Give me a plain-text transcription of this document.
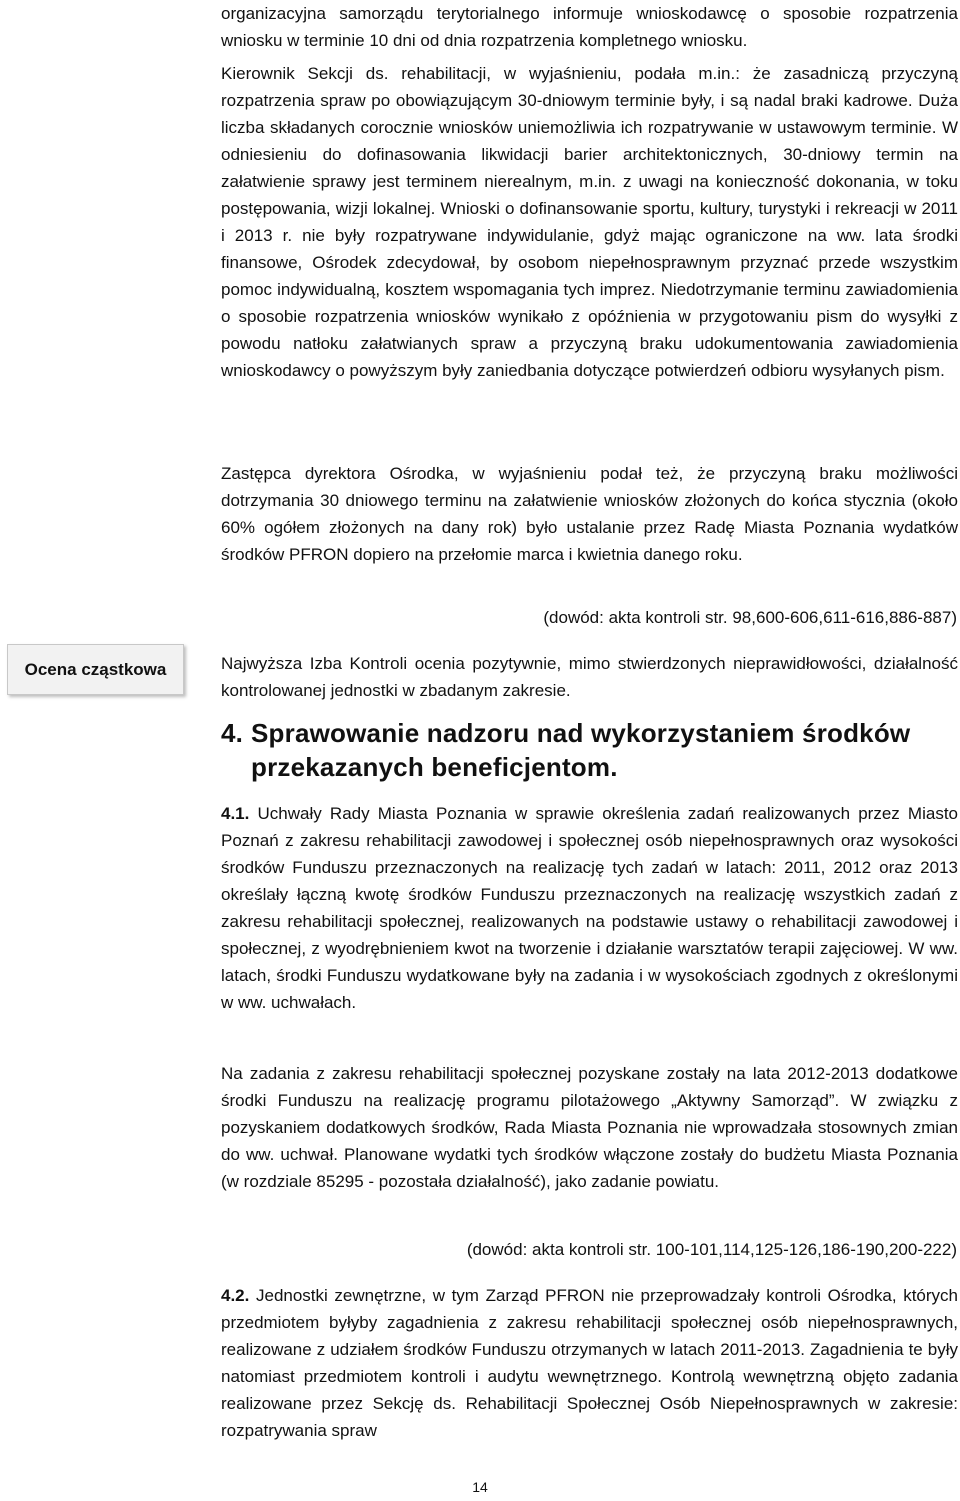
Ocena cząstkowa

organizacyjna samorządu terytorialnego informuje wnioskodawcę o sposobie rozpatrzenia wniosku w terminie 10 dni od dnia rozpatrzenia kompletnego wniosku.

Kierownik Sekcji ds. rehabilitacji, w wyjaśnieniu, podała m.in.: że zasadniczą przyczyną rozpatrzenia spraw po obowiązującym 30-dniowym terminie były, i są nadal braki kadrowe. Duża liczba składanych corocznie wniosków uniemożliwia ich rozpatrywanie w ustawowym terminie. W odniesieniu do dofinasowania likwidacji barier architektonicznych, 30-dniowy termin na załatwienie sprawy jest terminem nierealnym, m.in. z uwagi na konieczność dokonania, w toku postępowania, wizji lokalnej. Wnioski o dofinansowanie sportu, kultury, turystyki i rekreacji w 2011 i 2013 r. nie były rozpatrywane indywidulanie, gdyż mając ograniczone na ww. lata środki finansowe, Ośrodek zdecydował, by osobom niepełnosprawnym przyznać przede wszystkim pomoc indywidualną, kosztem wspomagania tych imprez. Niedotrzymanie terminu zawiadomienia o sposobie rozpatrzenia wniosków wynikało z opóźnienia w przygotowaniu pism do wysyłki z powodu natłoku załatwianych spraw a przyczyną braku udokumentowania zawiadomienia wnioskodawcy o powyższym były zaniedbania dotyczące potwierdzeń odbioru wysyłanych pism.

Zastępca dyrektora Ośrodka, w wyjaśnieniu podał też, że przyczyną braku możliwości dotrzymania 30 dniowego terminu na załatwienie wniosków złożonych do końca stycznia (około 60% ogółem złożonych na dany rok) było ustalanie przez Radę Miasta Poznania wydatków środków PFRON dopiero na przełomie marca i kwietnia danego roku.

(dowód: akta kontroli str. 98,600-606,611-616,886-887)

Najwyższa Izba Kontroli ocenia pozytywnie, mimo stwierdzonych nieprawidłowości, działalność kontrolowanej jednostki w zbadanym zakresie.

4. Sprawowanie nadzoru nad wykorzystaniem środków
przekazanych beneficjentom.

4.1. Uchwały Rady Miasta Poznania w sprawie określenia zadań realizowanych przez Miasto Poznań z zakresu rehabilitacji zawodowej i społecznej osób niepełnosprawnych oraz wysokości środków Funduszu przeznaczonych na realizację tych zadań w latach: 2011, 2012 oraz 2013 określały łączną kwotę środków Funduszu przeznaczonych na realizację wszystkich zadań z zakresu rehabilitacji społecznej, realizowanych na podstawie ustawy o rehabilitacji zawodowej i społecznej, z wyodrębnieniem kwot na tworzenie i działanie warsztatów terapii zajęciowej. W ww. latach, środki Funduszu wydatkowane były na zadania i w wysokościach zgodnych z określonymi w ww. uchwałach.

Na zadania z zakresu rehabilitacji społecznej pozyskane zostały na lata 2012-2013 dodatkowe środki Funduszu na realizację programu pilotażowego „Aktywny Samorząd”. W związku z pozyskaniem dodatkowych środków, Rada Miasta Poznania nie wprowadzała stosownych zmian do ww. uchwał. Planowane wydatki tych środków włączone zostały do budżetu Miasta Poznania (w rozdziale 85295 - pozostała działalność), jako zadanie powiatu.

(dowód: akta kontroli str. 100-101,114,125-126,186-190,200-222)

4.2. Jednostki zewnętrzne, w tym Zarząd PFRON nie przeprowadzały kontroli Ośrodka, których przedmiotem byłyby zagadnienia z zakresu rehabilitacji społecznej osób niepełnosprawnych, realizowane z udziałem środków Funduszu otrzymanych w latach 2011-2013. Zagadnienia te były natomiast przedmiotem kontroli i audytu wewnętrznego. Kontrolą wewnętrzną objęto zadania realizowane przez Sekcję ds. Rehabilitacji Społecznej Osób Niepełnosprawnych w zakresie: rozpatrywania spraw

14
